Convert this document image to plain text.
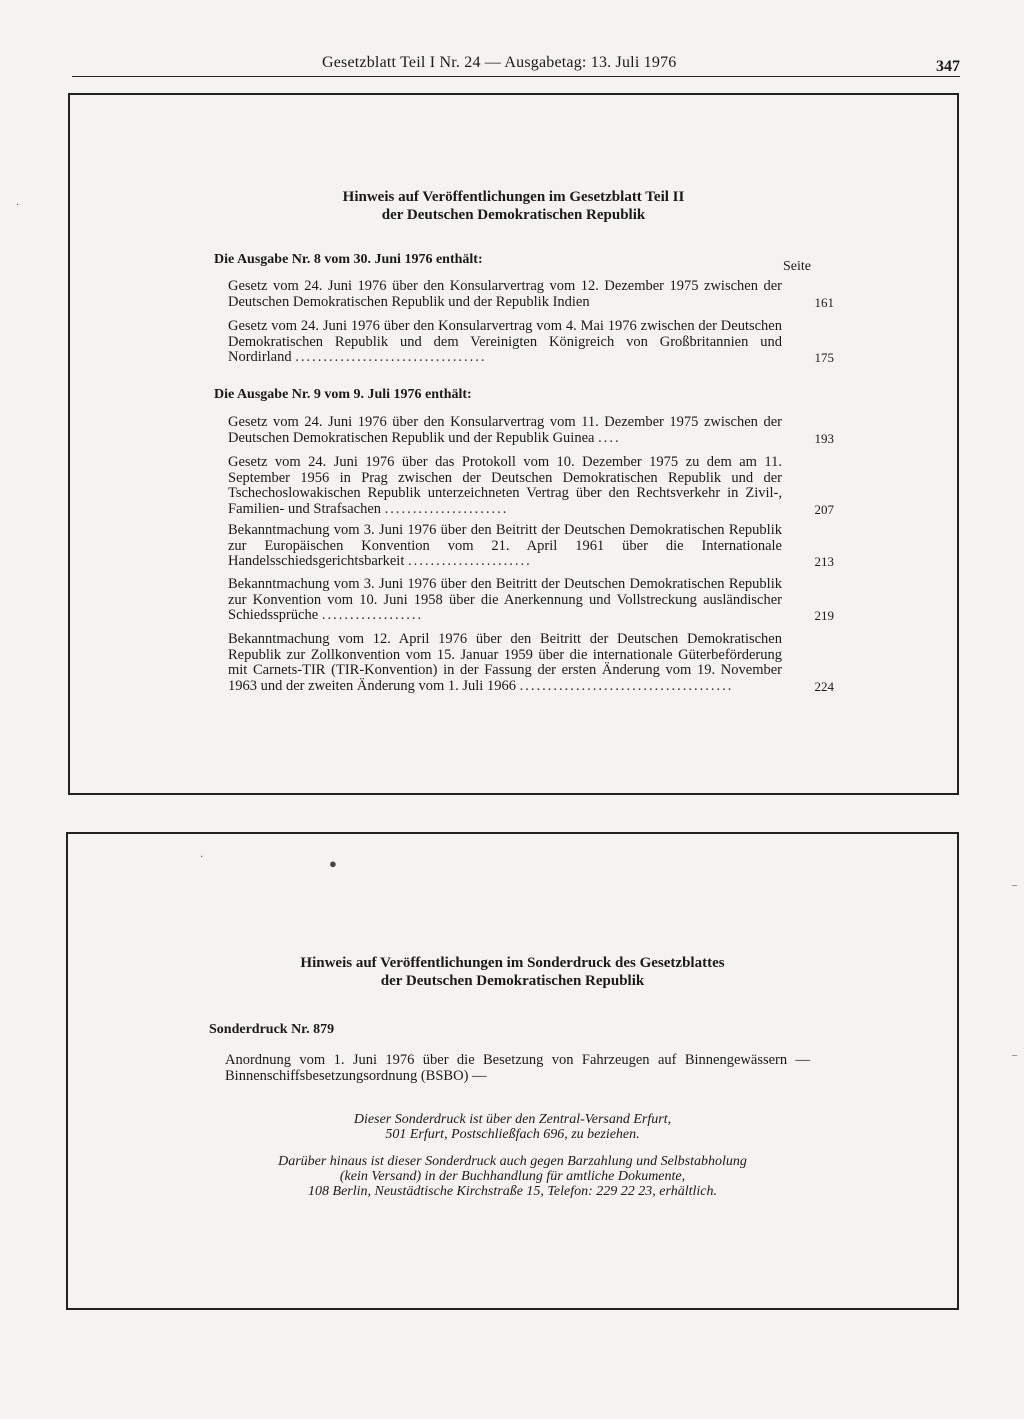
Gesetzblatt Teil I Nr. 24 — Ausgabetag: 13. Juli 1976	347
Hinweis auf Veröffentlichungen im Gesetzblatt Teil II
der Deutschen Demokratischen Republik
Die Ausgabe Nr. 8 vom 30. Juni 1976 enthält:	Seite
Gesetz vom 24. Juni 1976 über den Konsularvertrag vom 12. Dezember 1975 zwischen der Deutschen Demokratischen Republik und der Republik Indien	161
Gesetz vom 24. Juni 1976 über den Konsularvertrag vom 4. Mai 1976 zwischen der Deutschen Demokratischen Republik und dem Vereinigten Königreich von Großbritannien und Nordirland ..................................	175
Die Ausgabe Nr. 9 vom 9. Juli 1976 enthält:
Gesetz vom 24. Juni 1976 über den Konsularvertrag vom 11. Dezember 1975 zwischen der Deutschen Demokratischen Republik und der Republik Guinea ....	193
Gesetz vom 24. Juni 1976 über das Protokoll vom 10. Dezember 1975 zu dem am 11. September 1956 in Prag zwischen der Deutschen Demokratischen Republik und der Tschechoslowakischen Republik unterzeichneten Vertrag über den Rechtsverkehr in Zivil-, Familien- und Strafsachen ......................	207
Bekanntmachung vom 3. Juni 1976 über den Beitritt der Deutschen Demokratischen Republik zur Europäischen Konvention vom 21. April 1961 über die Internationale Handelsschiedsgerichtsbarkeit ......................	213
Bekanntmachung vom 3. Juni 1976 über den Beitritt der Deutschen Demokratischen Republik zur Konvention vom 10. Juni 1958 über die Anerkennung und Vollstreckung ausländischer Schiedssprüche ..................	219
Bekanntmachung vom 12. April 1976 über den Beitritt der Deutschen Demokratischen Republik zur Zollkonvention vom 15. Januar 1959 über die internationale Güterbeförderung mit Carnets-TIR (TIR-Konvention) in der Fassung der ersten Änderung vom 19. November 1963 und der zweiten Änderung vom 1. Juli 1966 ......................................	224
Hinweis auf Veröffentlichungen im Sonderdruck des Gesetzblattes
der Deutschen Demokratischen Republik
Sonderdruck Nr. 879
Anordnung vom 1. Juni 1976 über die Besetzung von Fahrzeugen auf Binnengewässern — Binnenschiffsbesetzungsordnung (BSBO) —
Dieser Sonderdruck ist über den Zentral-Versand Erfurt,
501 Erfurt, Postschließfach 696, zu beziehen.
Darüber hinaus ist dieser Sonderdruck auch gegen Barzahlung und Selbstabholung
(kein Versand) in der Buchhandlung für amtliche Dokumente,
108 Berlin, Neustädtische Kirchstraße 15, Telefon: 229 22 23, erhältlich.
●
·
·
–
–
